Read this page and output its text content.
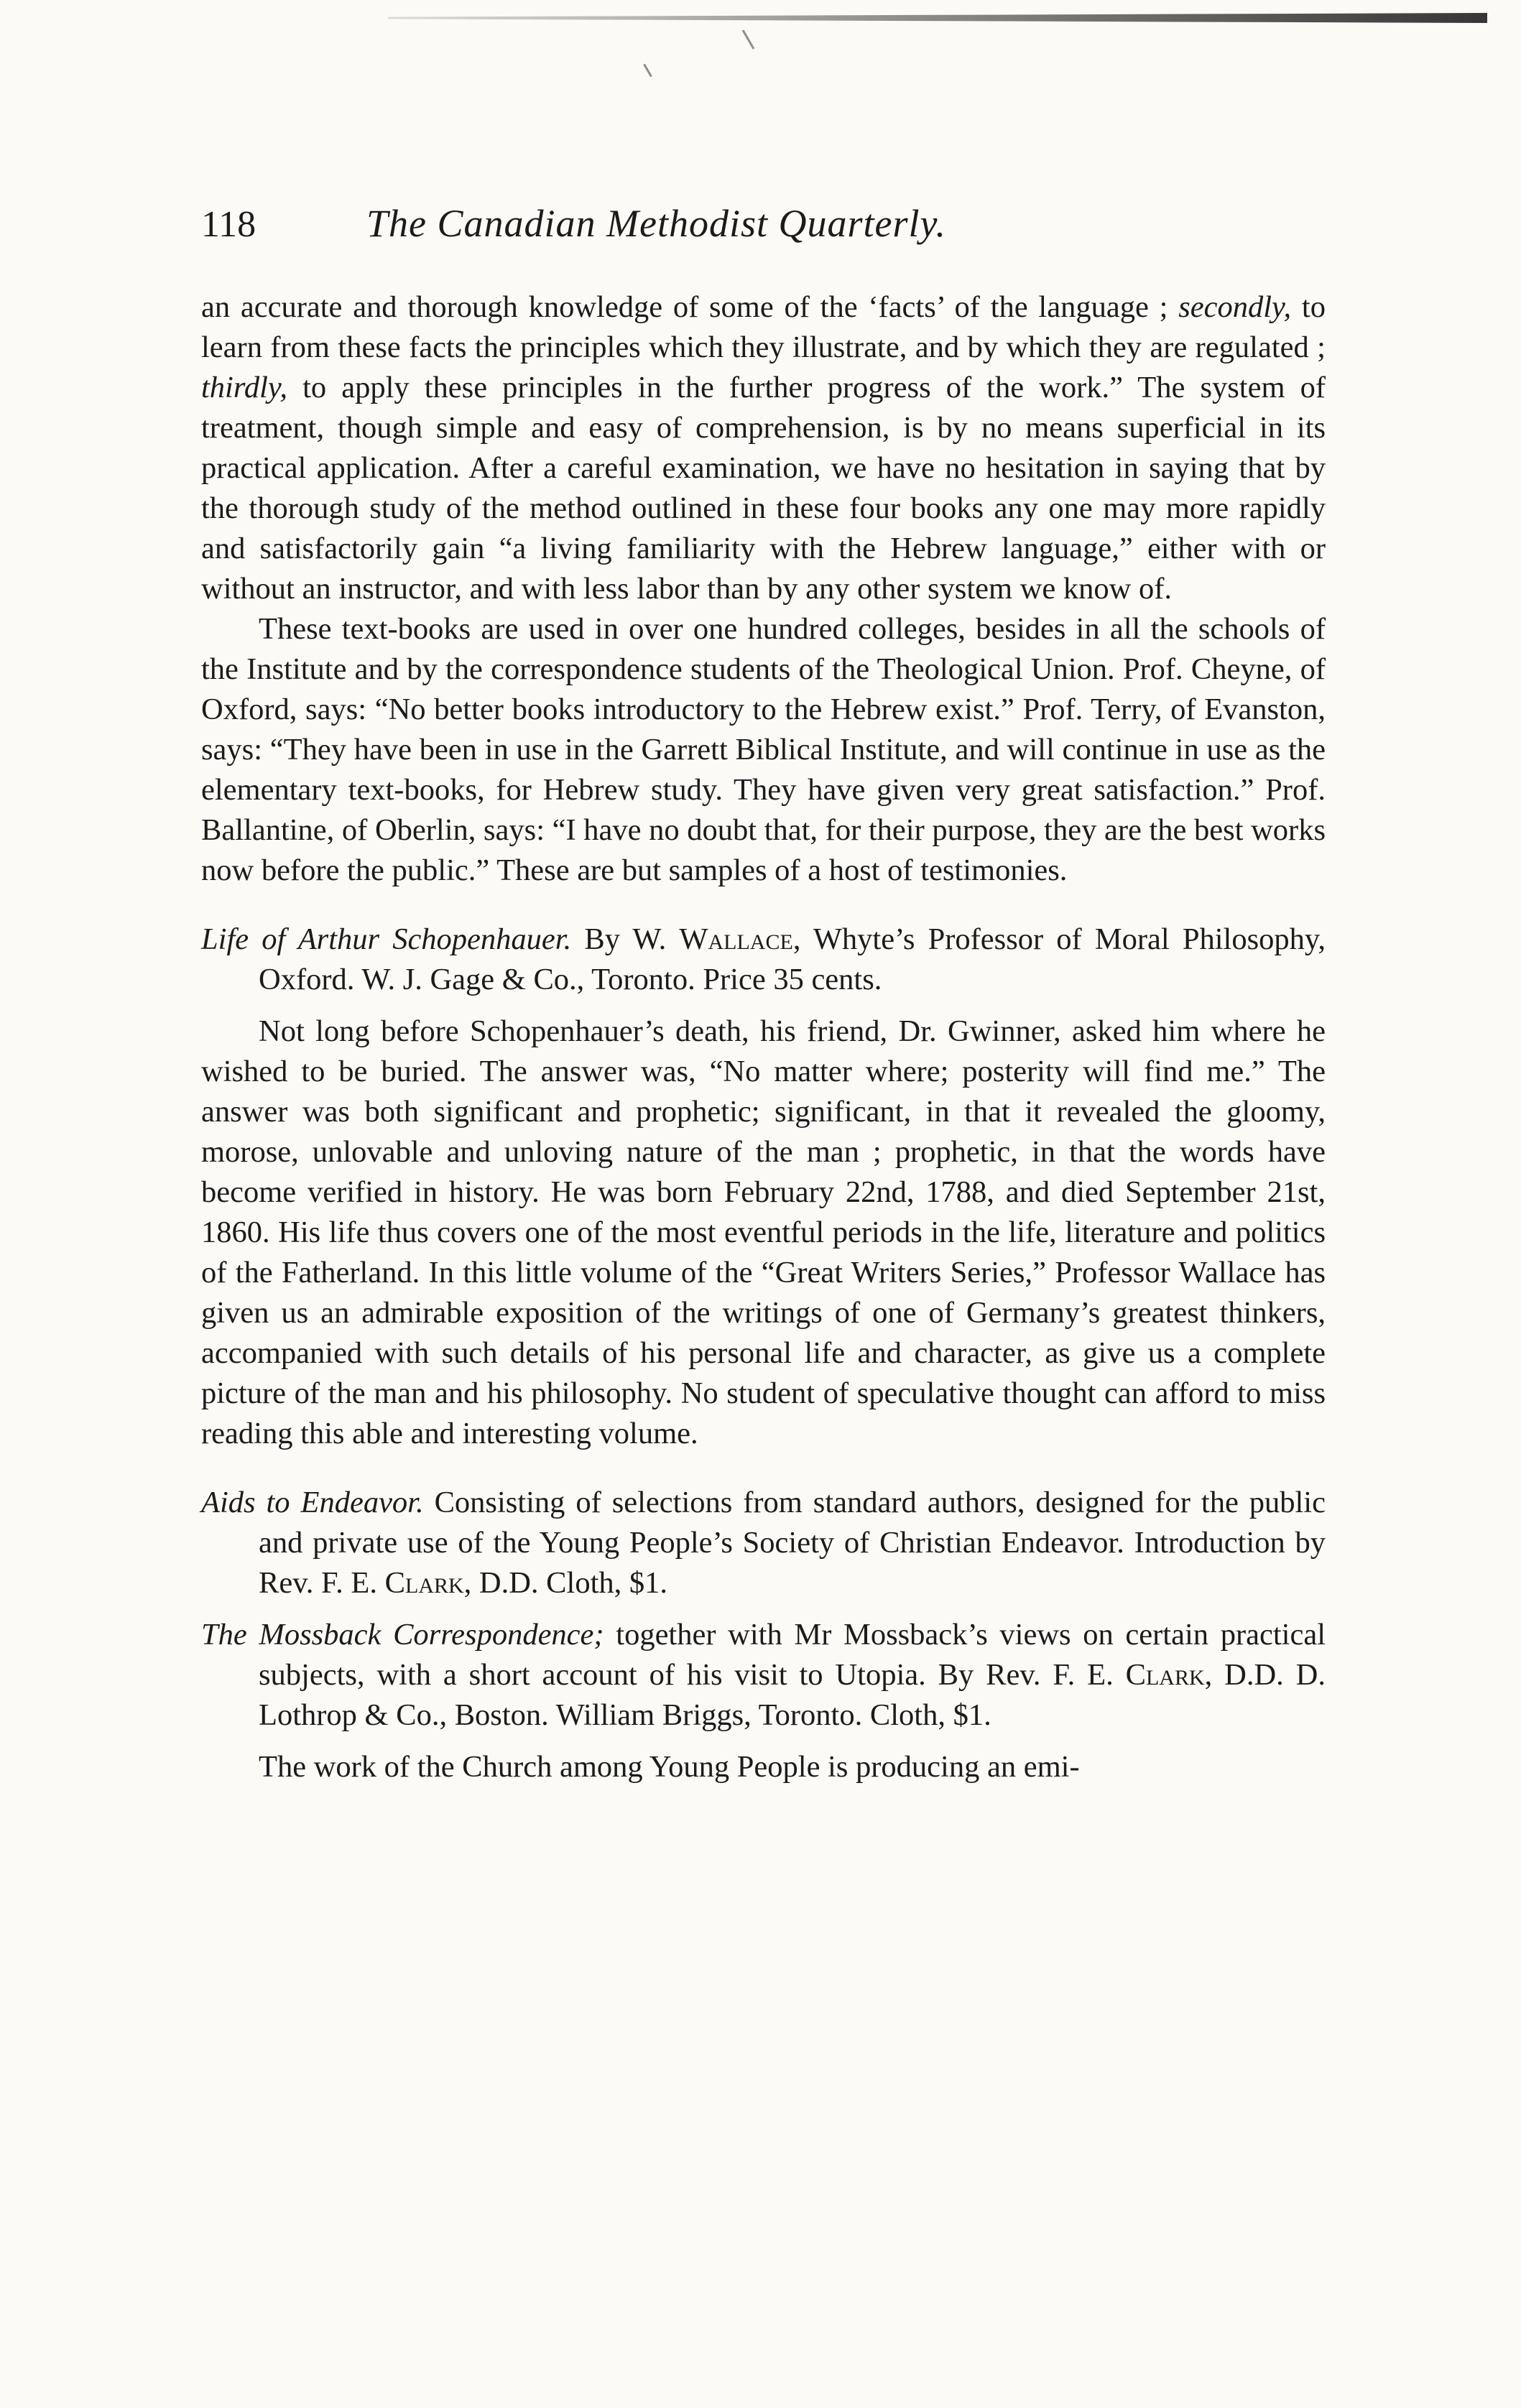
118	The Canadian Methodist Quarterly.

an accurate and thorough knowledge of some of the ‘facts’ of the language ; secondly, to learn from these facts the principles which they illustrate, and by which they are regulated ; thirdly, to apply these principles in the further progress of the work.” The system of treatment, though simple and easy of comprehension, is by no means superficial in its practical application. After a careful examination, we have no hesitation in saying that by the thorough study of the method outlined in these four books any one may more rapidly and satisfactorily gain “a living familiarity with the Hebrew language,” either with or without an instructor, and with less labor than by any other system we know of.

These text-books are used in over one hundred colleges, besides in all the schools of the Institute and by the correspondence students of the Theological Union. Prof. Cheyne, of Oxford, says: “No better books introductory to the Hebrew exist.” Prof. Terry, of Evanston, says: “They have been in use in the Garrett Biblical Institute, and will continue in use as the elementary text-books, for Hebrew study. They have given very great satisfaction.” Prof. Ballantine, of Oberlin, says: “I have no doubt that, for their purpose, they are the best works now before the public.” These are but samples of a host of testimonies.

Life of Arthur Schopenhauer. By W. Wallace, Whyte’s Professor of Moral Philosophy, Oxford. W. J. Gage & Co., Toronto. Price 35 cents.

Not long before Schopenhauer’s death, his friend, Dr. Gwinner, asked him where he wished to be buried. The answer was, “No matter where; posterity will find me.” The answer was both significant and prophetic; significant, in that it revealed the gloomy, morose, unlovable and unloving nature of the man ; prophetic, in that the words have become verified in history. He was born February 22nd, 1788, and died September 21st, 1860. His life thus covers one of the most eventful periods in the life, literature and politics of the Fatherland. In this little volume of the “Great Writers Series,” Professor Wallace has given us an admirable exposition of the writings of one of Germany’s greatest thinkers, accompanied with such details of his personal life and character, as give us a complete picture of the man and his philosophy. No student of speculative thought can afford to miss reading this able and interesting volume.

Aids to Endeavor. Consisting of selections from standard authors, designed for the public and private use of the Young People’s Society of Christian Endeavor. Introduction by Rev. F. E. Clark, D.D. Cloth, $1.

The Mossback Correspondence; together with Mr Mossback’s views on certain practical subjects, with a short account of his visit to Utopia. By Rev. F. E. Clark, D.D. D. Lothrop & Co., Boston. William Briggs, Toronto. Cloth, $1.

The work of the Church among Young People is producing an emi-
